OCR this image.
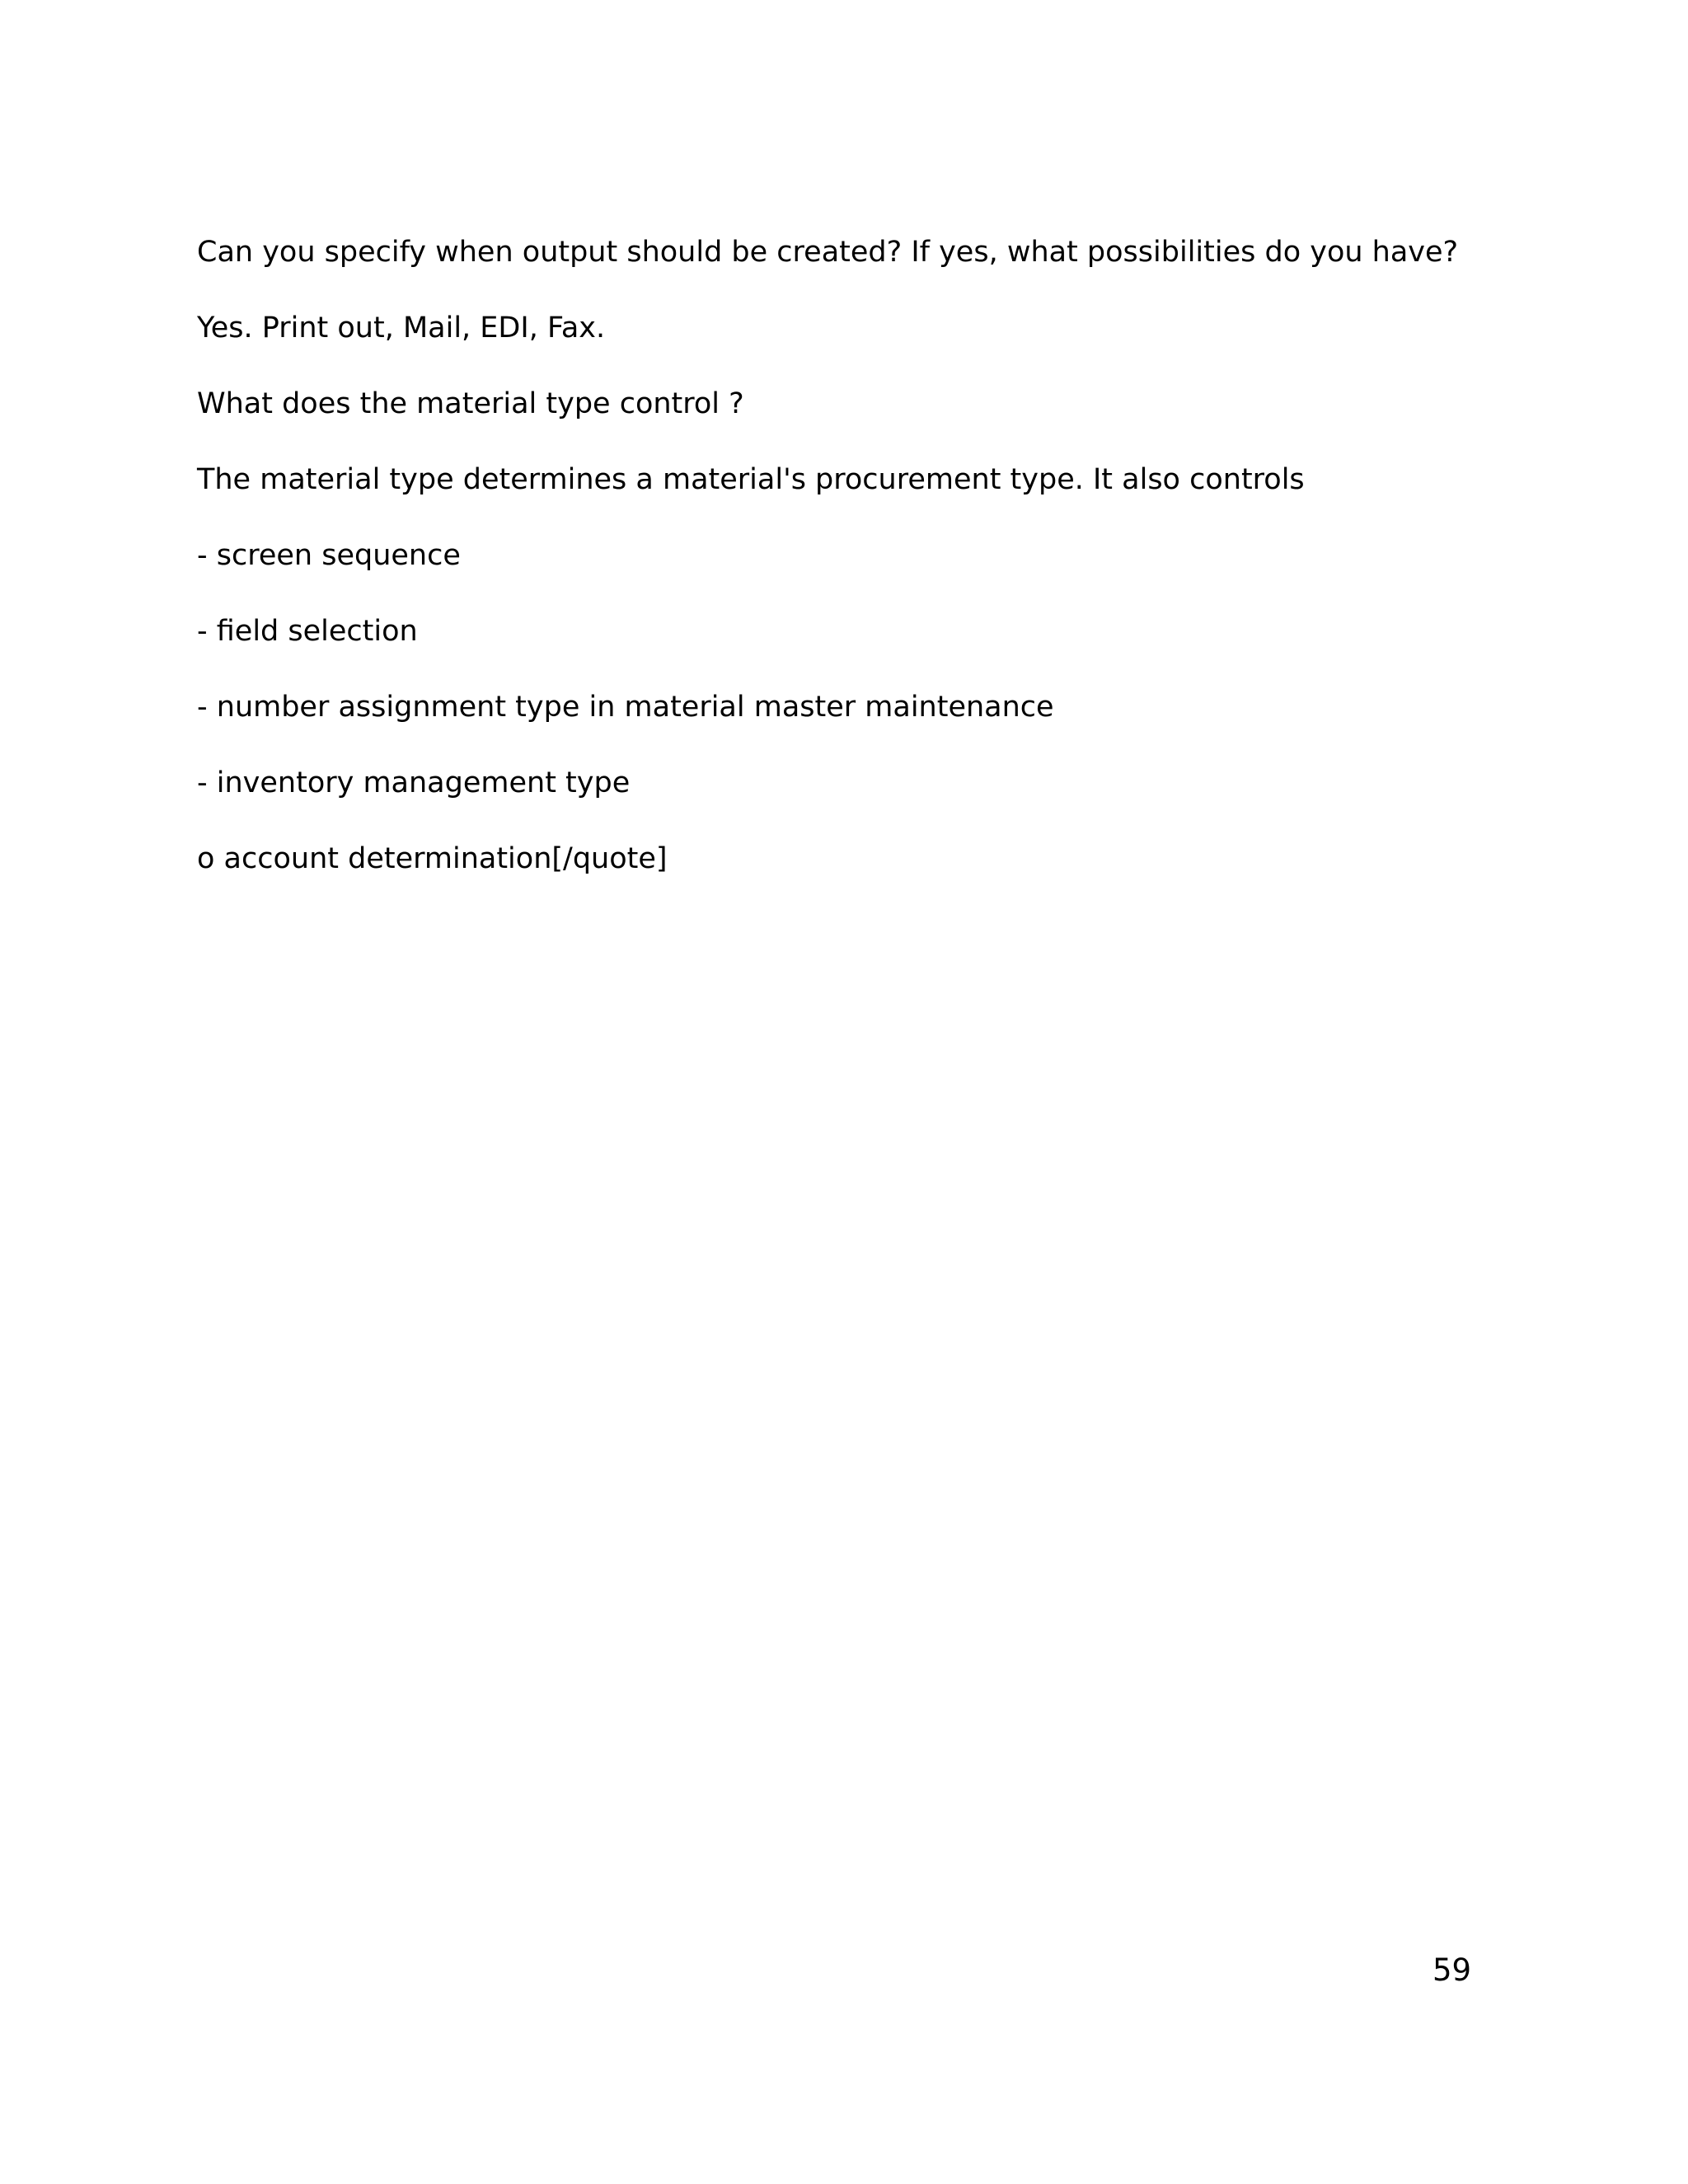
Can you specify when output should be created? If yes, what possibilities do you have?
Yes. Print out, Mail, EDI, Fax.
What does the material type control ?
The material type determines a material's procurement type. It also controls
- screen sequence
- field selection
- number assignment type in material master maintenance
- inventory management type
o account determination[/quote]
59
